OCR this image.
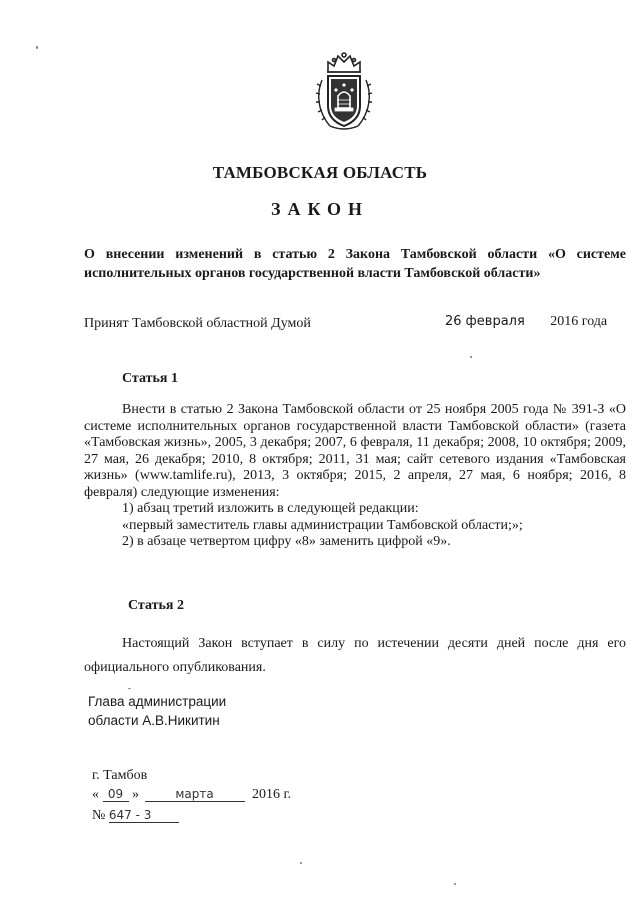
ТАМБОВСКАЯ ОБЛАСТЬ
ЗАКОН
О внесении изменений в статью 2 Закона Тамбовской области «О системе
исполнительных органов государственной власти Тамбовской области»
Принят Тамбовской областной Думой	26 февраля 2016 года
Статья 1

Внести в статью 2 Закона Тамбовской области от 25 ноября 2005 года № 391-З «О системе исполнительных органов государственной власти Тамбовской области» (газета «Тамбовская жизнь», 2005, 3 декабря; 2007, 6 февраля, 11 декабря; 2008, 10 октября; 2009, 27 мая, 26 декабря; 2010, 8 октября; 2011, 31 мая; сайт сетевого издания «Тамбовская жизнь» (www.tamlife.ru), 2013, 3 октября; 2015, 2 апреля, 27 мая, 6 ноября; 2016, 8 февраля) следующие изменения:

1) абзац третий изложить в следующей редакции:

«первый заместитель главы администрации Тамбовской области;»;

2) в абзаце четвертом цифру «8» заменить цифрой «9».

Статья 2

Настоящий Закон вступает в силу по истечении десяти дней после дня его официального опубликования.

Глава администрации
области А.В.Никитин
г. Тамбов
« 09 »	марта	2016 г.
№ 647 - 3
